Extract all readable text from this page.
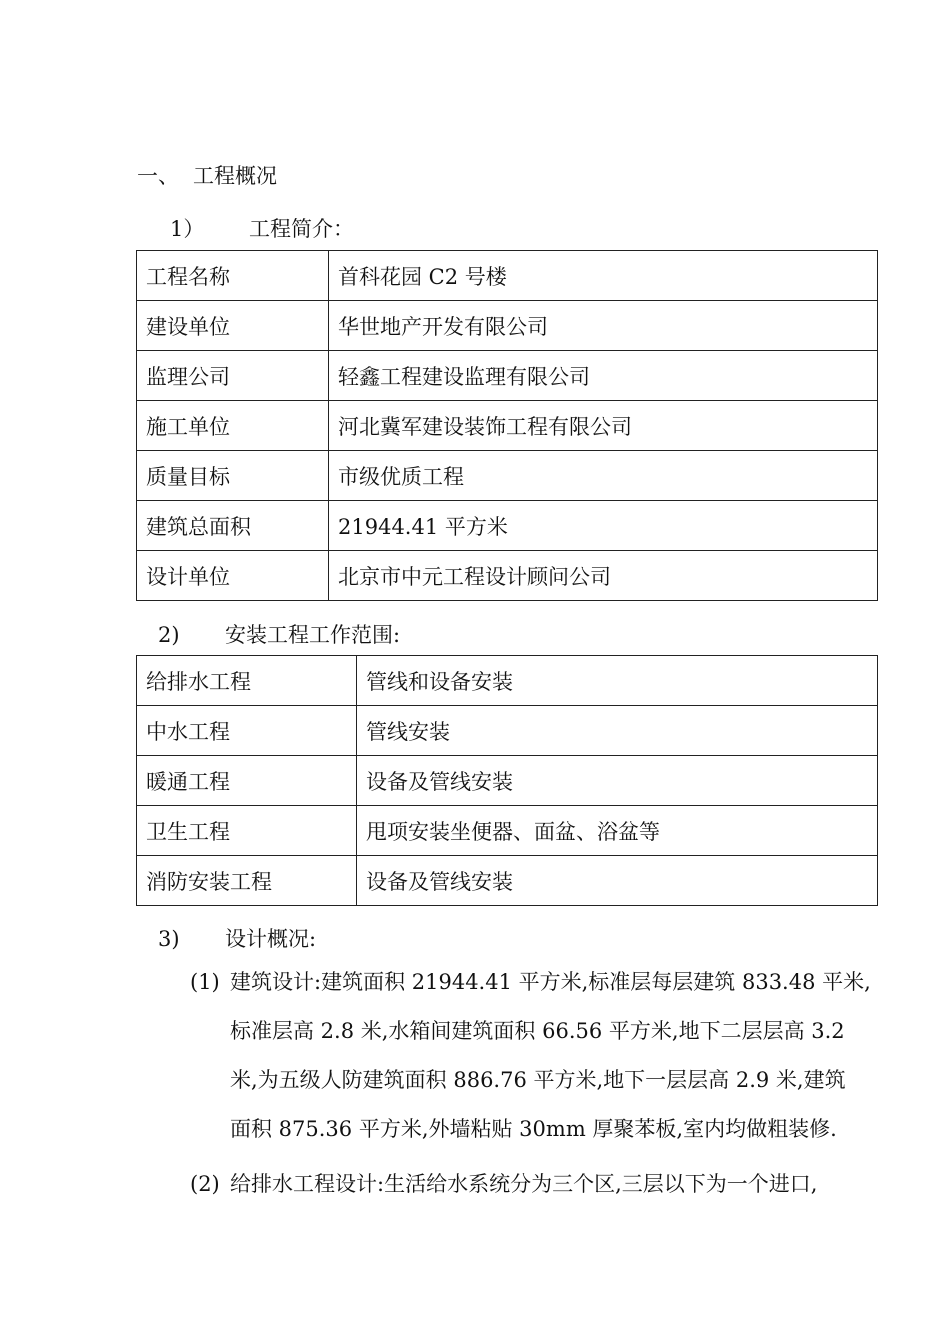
一、 工程概况
1） 工程简介：
工程名称	首科花园 C2 号楼
建设单位	华世地产开发有限公司
监理公司	轻鑫工程建设监理有限公司
施工单位	河北冀军建设装饰工程有限公司
质量目标	市级优质工程
建筑总面积	21944.41 平方米
设计单位	北京市中元工程设计顾问公司
2) 安装工程工作范围:
给排水工程	管线和设备安装
中水工程	管线安装
暖通工程	设备及管线安装
卫生工程	甩项安装坐便器、面盆、浴盆等
消防安装工程	设备及管线安装
3) 设计概况:
(1) 建筑设计:建筑面积 21944.41 平方米,标准层每层建筑 833.48 平米,
标准层高 2.8 米,水箱间建筑面积 66.56 平方米,地下二层层高 3.2
米,为五级人防建筑面积 886.76 平方米,地下一层层高 2.9 米,建筑
面积 875.36 平方米,外墙粘贴 30mm 厚聚苯板,室内均做粗装修.
(2) 给排水工程设计:生活给水系统分为三个区,三层以下为一个进口,
